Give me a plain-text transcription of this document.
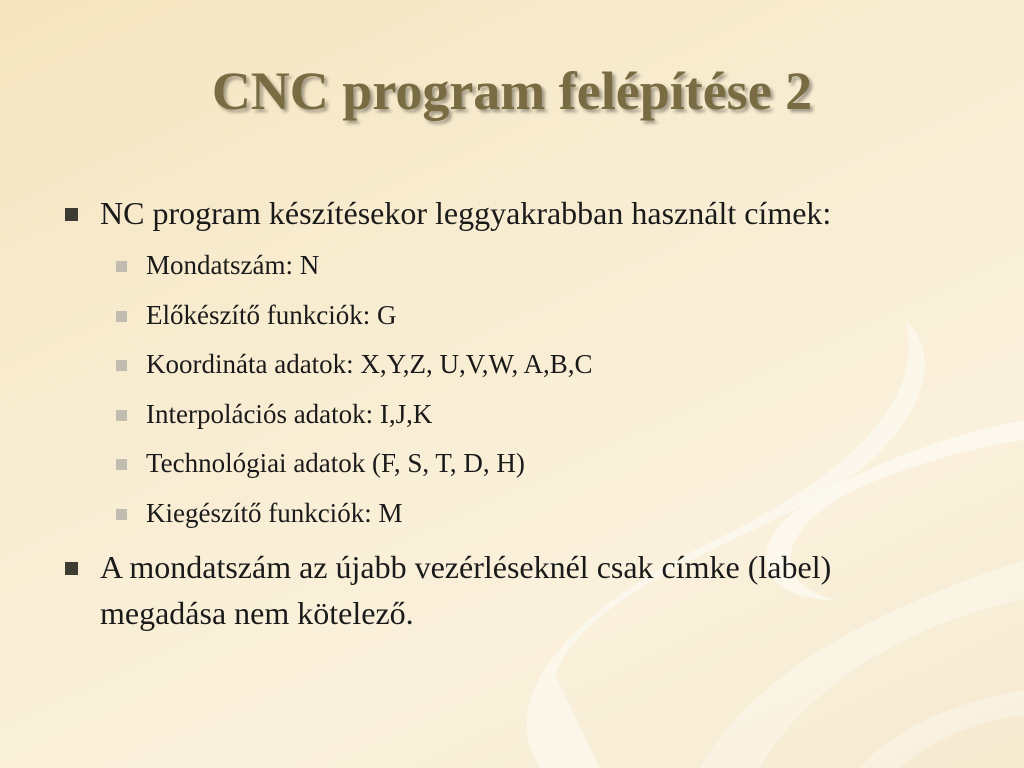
CNC program felépítése 2
NC program készítésekor leggyakrabban használt címek:
Mondatszám: N
Előkészítő funkciók: G
Koordináta adatok: X,Y,Z, U,V,W, A,B,C
Interpolációs adatok: I,J,K
Technológiai adatok (F, S, T, D, H)
Kiegészítő funkciók: M
A mondatszám az újabb vezérléseknél csak címke (label) megadása nem kötelező.
